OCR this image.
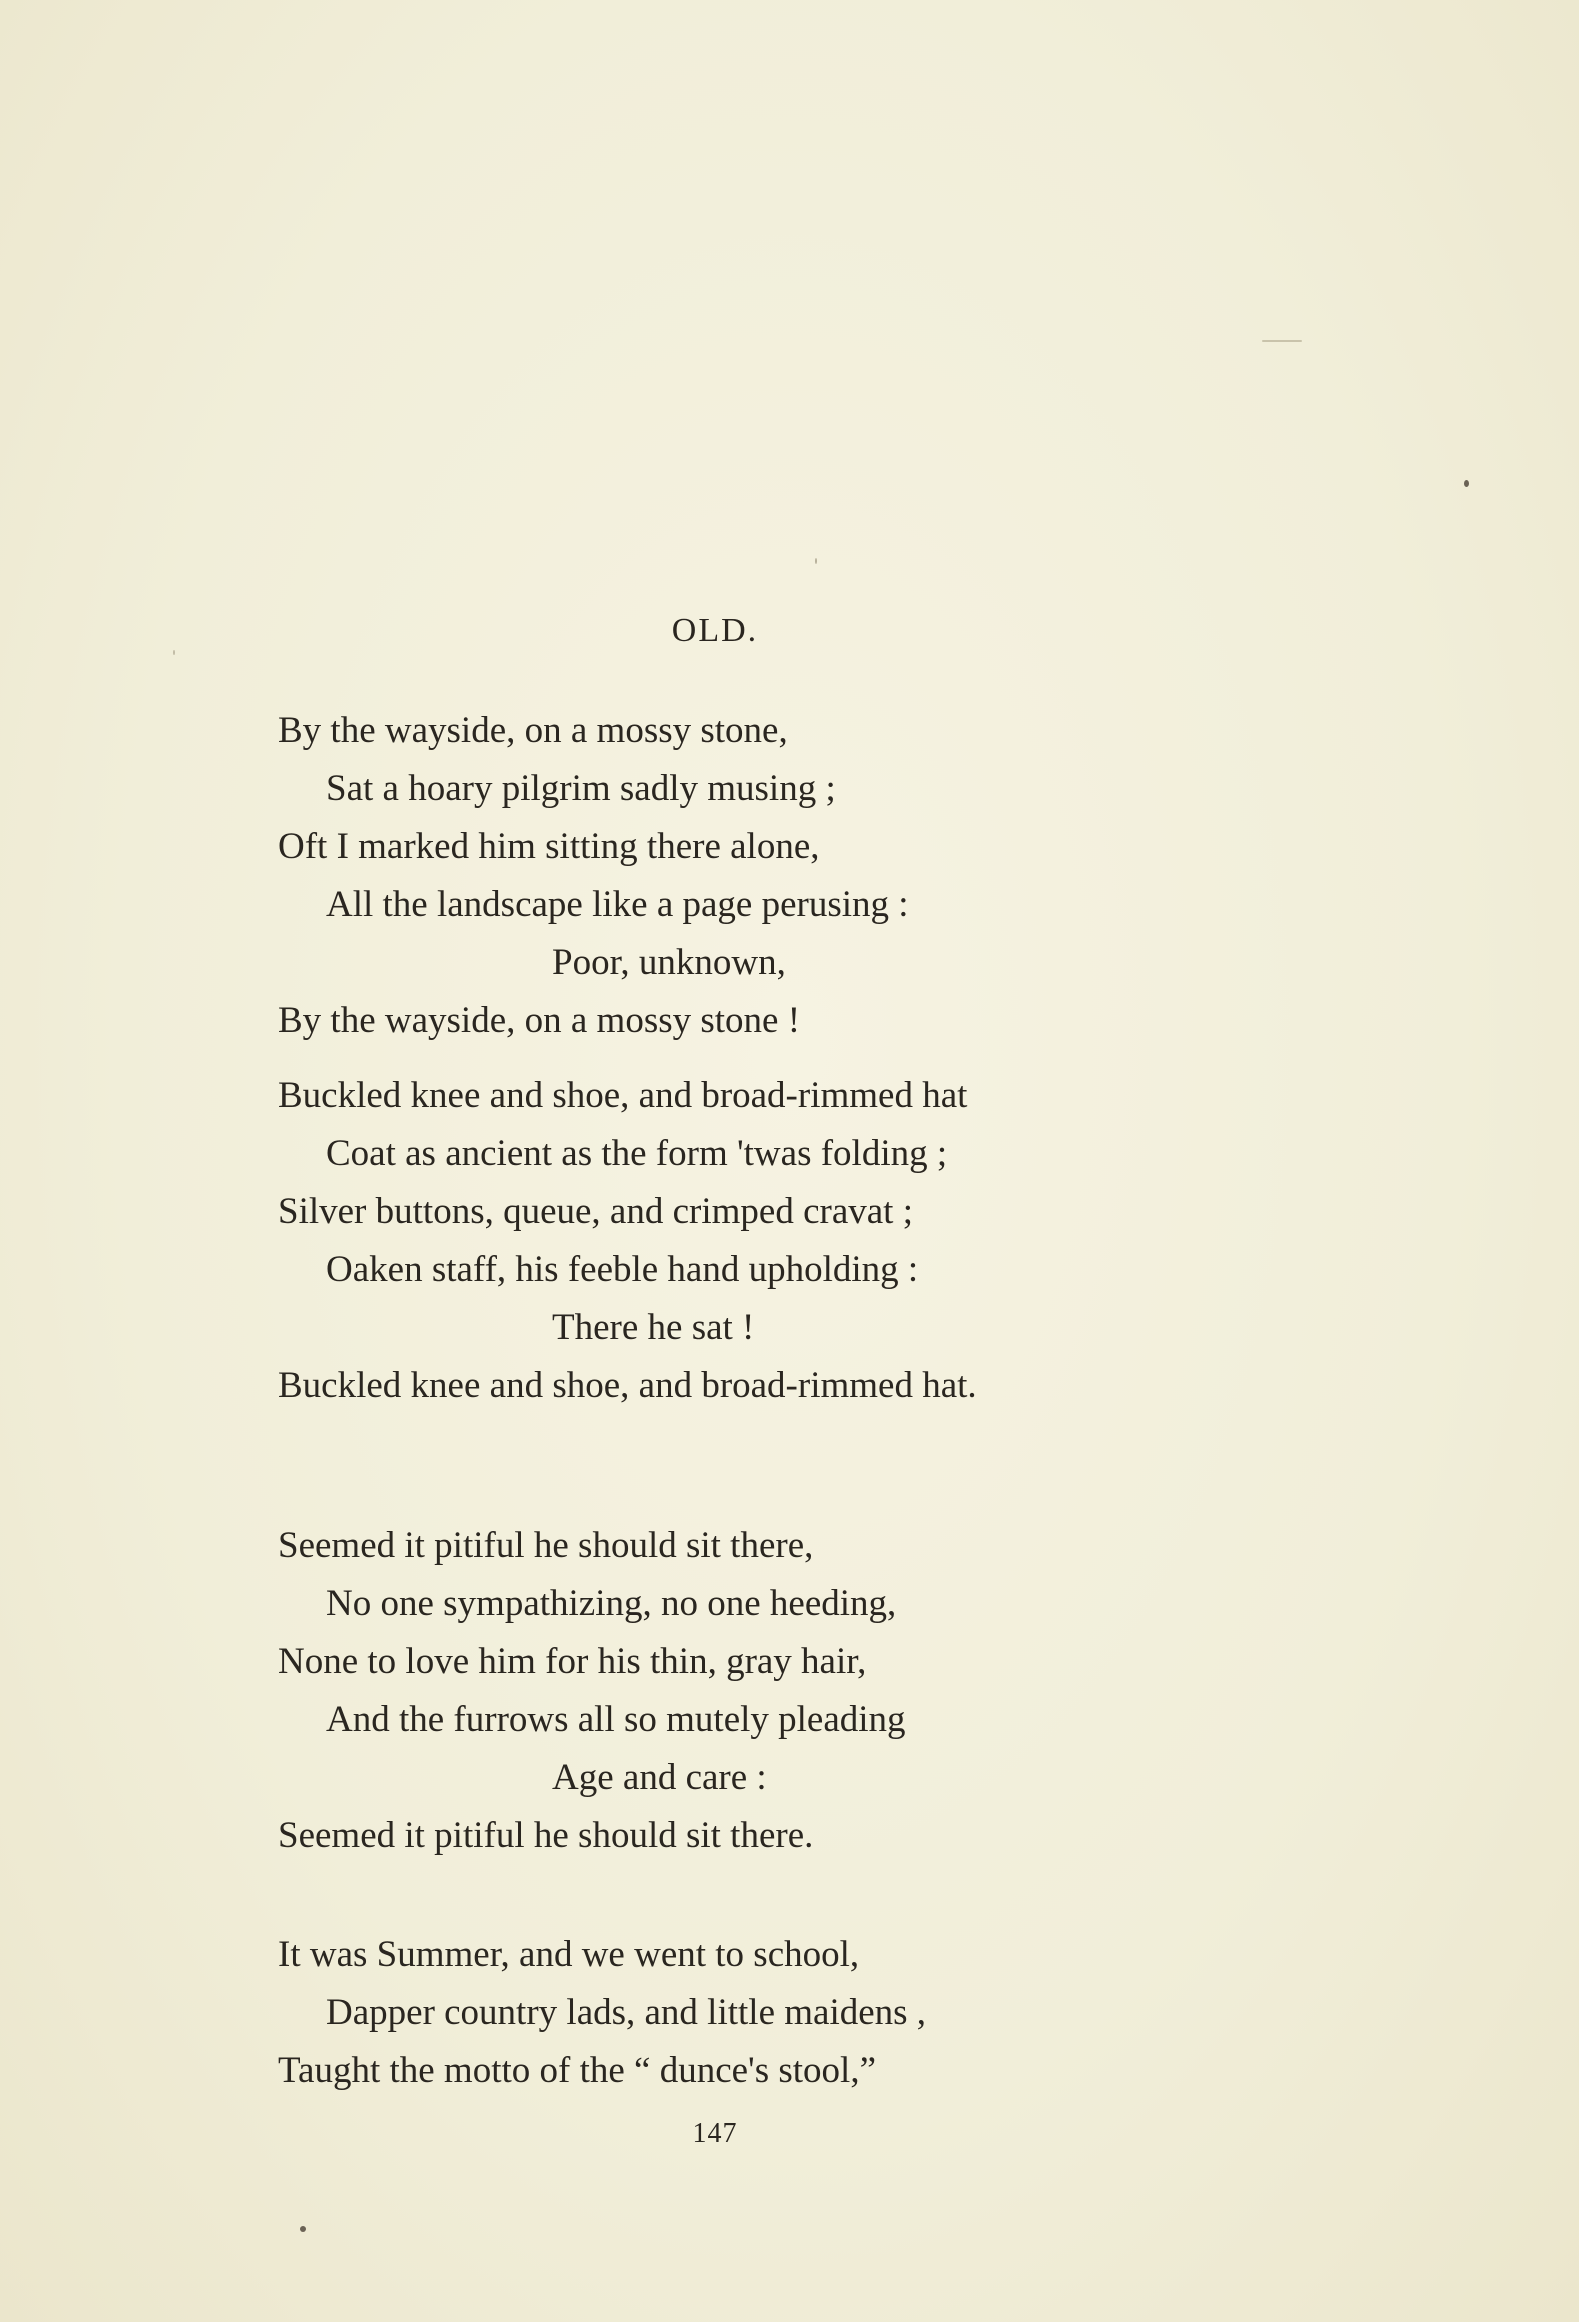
OLD.
By the wayside, on a mossy stone,
Sat a hoary pilgrim sadly musing ;
Oft I marked him sitting there alone,
All the landscape like a page perusing :
Poor, unknown,
By the wayside, on a mossy stone !
Buckled knee and shoe, and broad-rimmed hat
Coat as ancient as the form 'twas folding ;
Silver buttons, queue, and crimped cravat ;
Oaken staff, his feeble hand upholding :
There he sat !
Buckled knee and shoe, and broad-rimmed hat.
Seemed it pitiful he should sit there,
No one sympathizing, no one heeding,
None to love him for his thin, gray hair,
And the furrows all so mutely pleading
Age and care :
Seemed it pitiful he should sit there.
It was Summer, and we went to school,
Dapper country lads, and little maidens ,
Taught the motto of the “ dunce's stool,”
147
